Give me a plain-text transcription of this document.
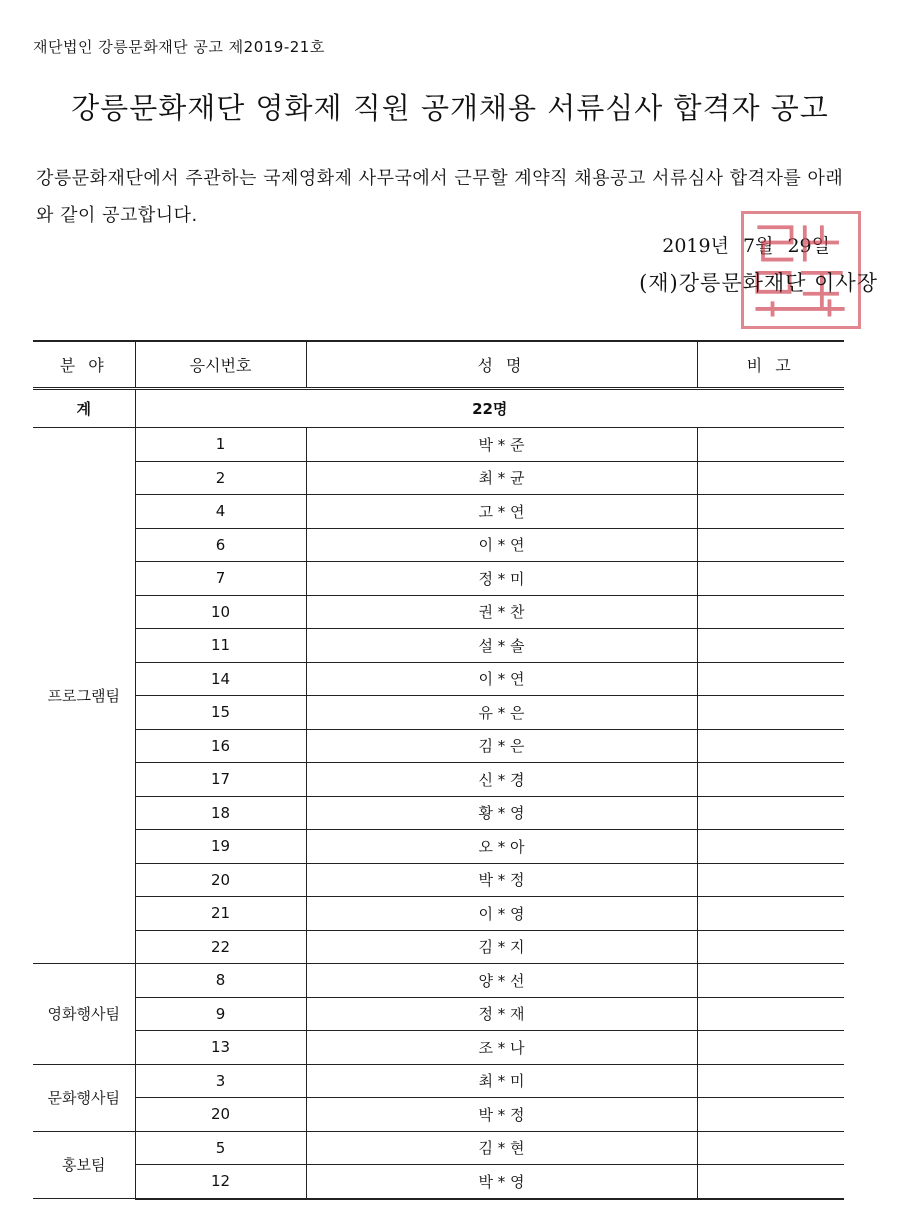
재단법인 강릉문화재단 공고 제2019-21호
강릉문화재단 영화제 직원 공개채용 서류심사 합격자 공고

강릉문화재단에서 주관하는 국제영화제 사무국에서 근무할 계약직 채용공고 서류심사 합격자를 아래와 같이 공고합니다.

2019년 7월 29일
(재)강릉문화재단 이사장
분 야	응시번호	성 명	비 고
계	22명		
프로그램팀	1	박 * 준	
	2	최 * 균	
	4	고 * 연	
	6	이 * 연	
	7	정 * 미	
	10	권 * 찬	
	11	설 * 솔	
	14	이 * 연	
	15	유 * 은	
	16	김 * 은	
	17	신 * 경	
	18	황 * 영	
	19	오 * 아	
	20	박 * 정	
	21	이 * 영	
	22	김 * 지	
영화행사팀	8	양 * 선	
	9	정 * 재	
	13	조 * 나	
문화행사팀	3	최 * 미	
	20	박 * 정	
홍보팀	5	김 * 현	
	12	박 * 영	
